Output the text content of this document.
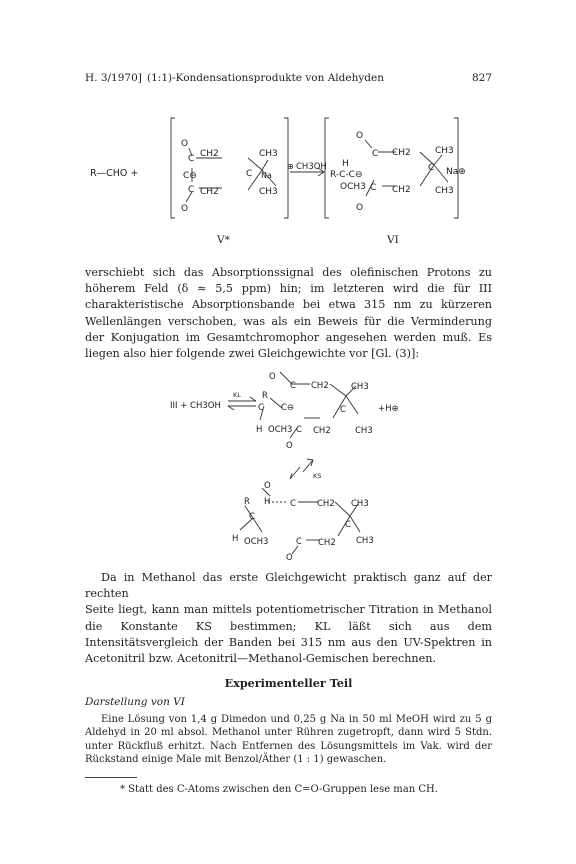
H. 3/1970] (1:1)-Kondensationsprodukte von Aldehyden	827
R—CHO +
O
C CH2	CH3
C⊖	C Na
C CH2	CH3
O
⊕ CH3OH
O
C CH2	CH3
H
R-C-C⊖
C Na⊕
OCH3 C CH2	CH3
O
V*	VI

verschiebt sich das Absorptionssignal des olefinischen Protons zu höherem Feld (δ ≈ 5,5 ppm) hin; im letzteren wird die für III charakteristische Absorptionsbande bei etwa 315 nm zu kürzeren Wellenlängen verschoben, was als ein Beweis für die Verminderung der Konjugation im Gesamtchromophor angesehen werden muß. Es liegen also hier folgende zwei Gleichgewichte vor [Gl. (3)]:

III + CH3OH
KL
O
C CH2	CH3
R
C C⊖	C	+H⊕
H OCH3 C CH2	CH3
O
KS
O
R H C CH2 CH3
C
C
H OCH3	C CH2 CH3
O

Da in Methanol das erste Gleichgewicht praktisch ganz auf der rechten

Seite liegt, kann man mittels potentiometrischer Titration in Methanol die Konstante KS bestimmen; KL läßt sich aus dem Intensitätsvergleich der Banden bei 315 nm aus den UV-Spektren in Acetonitril bzw. Acetonitril—Methanol-Gemischen berechnen.

Experimenteller Teil
Darstellung von VI

Eine Lösung von 1,4 g Dimedon und 0,25 g Na in 50 ml MeOH wird zu 5 g Aldehyd in 20 ml absol. Methanol unter Rühren zugetropft, dann wird 5 Stdn. unter Rückfluß erhitzt. Nach Entfernen des Lösungsmittels im Vak. wird der Rückstand einige Male mit Benzol/Äther (1 : 1) gewaschen.

* Statt des C-Atoms zwischen den C=O-Gruppen lese man CH.
